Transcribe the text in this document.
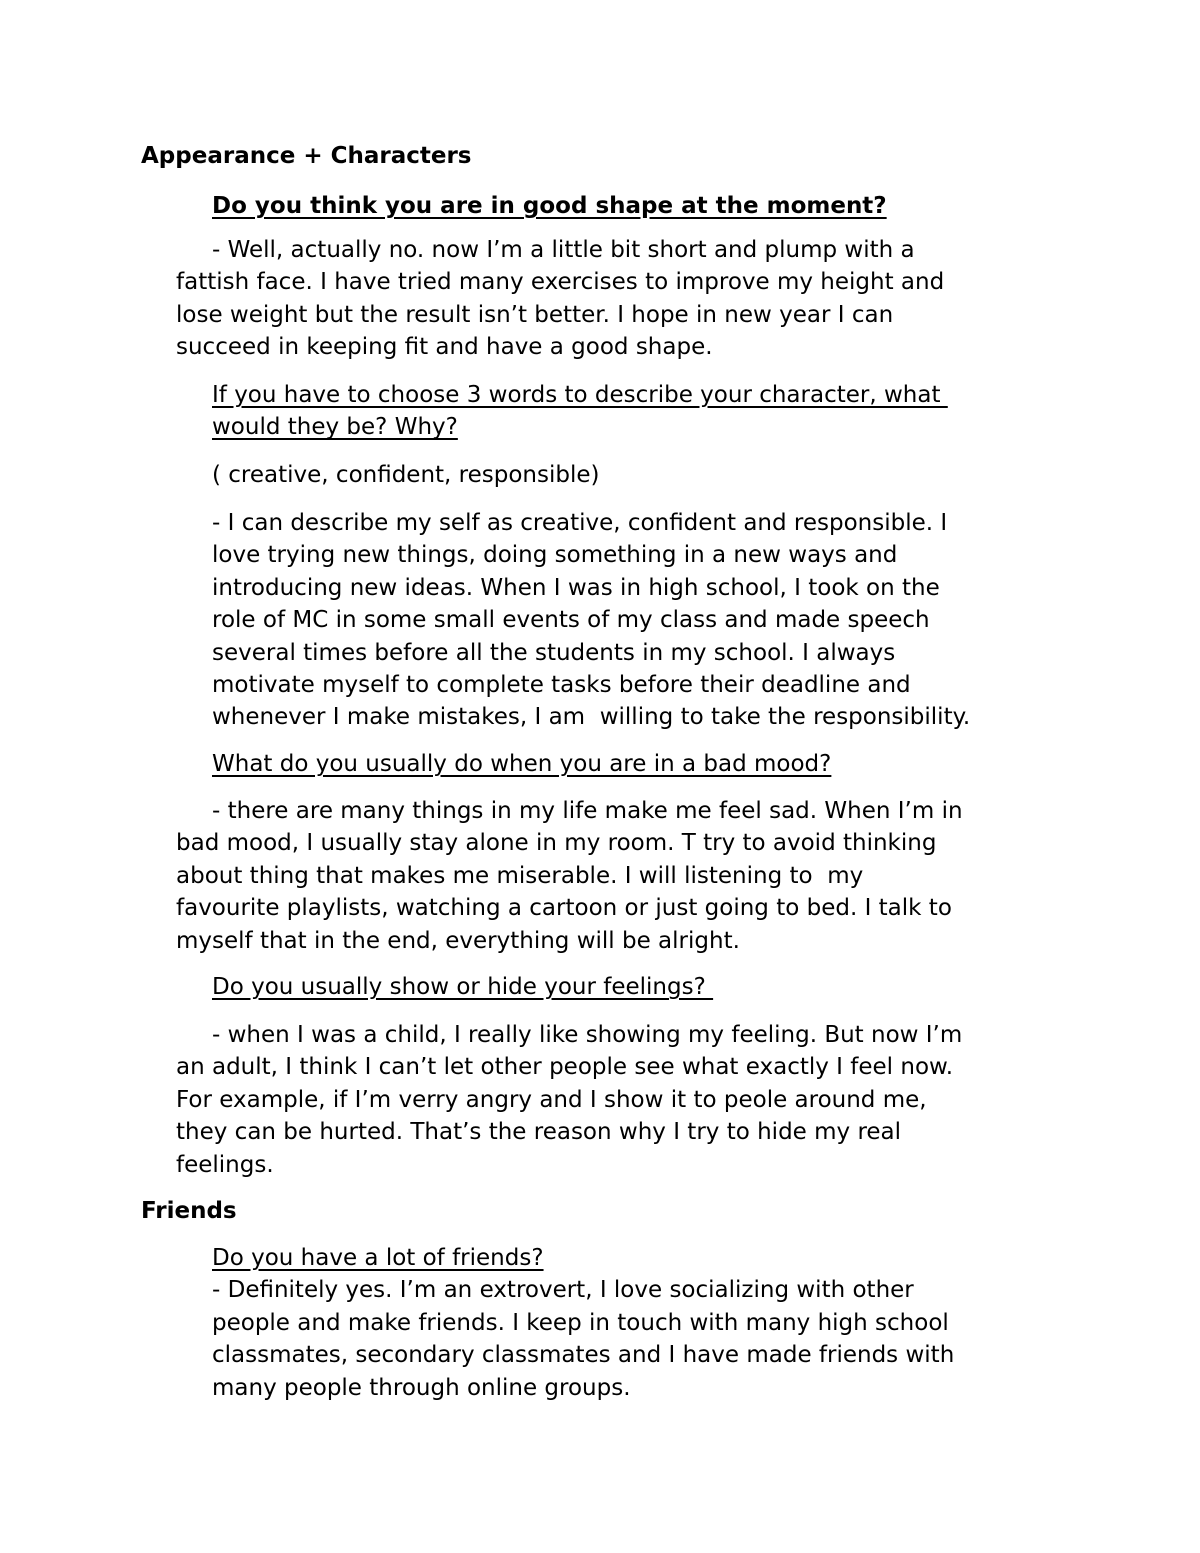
Appearance + Characters
Do you think you are in good shape at the moment?
- Well, actually no. now I’m a little bit short and plump with a
fattish face. I have tried many exercises to improve my height and
lose weight but the result isn’t better. I hope in new year I can
succeed in keeping fit and have a good shape.
If you have to choose 3 words to describe your character, what
would they be? Why?
( creative, confident, responsible)
- I can describe my self as creative, confident and responsible. I
love trying new things, doing something in a new ways and
introducing new ideas. When I was in high school, I took on the
role of MC in some small events of my class and made speech
several times before all the students in my school. I always
motivate myself to complete tasks before their deadline and
whenever I make mistakes, I am  willing to take the responsibility.
What do you usually do when you are in a bad mood?
- there are many things in my life make me feel sad. When I’m in
bad mood, I usually stay alone in my room. T try to avoid thinking
about thing that makes me miserable. I will listening to  my
favourite playlists, watching a cartoon or just going to bed. I talk to
myself that in the end, everything will be alright.
Do you usually show or hide your feelings?
- when I was a child, I really like showing my feeling. But now I’m
an adult, I think I can’t let other people see what exactly I feel now.
For example, if I’m verry angry and I show it to peole around me,
they can be hurted. That’s the reason why I try to hide my real
feelings.
Friends
Do you have a lot of friends?
- Definitely yes. I’m an extrovert, I love socializing with other
people and make friends. I keep in touch with many high school
classmates, secondary classmates and I have made friends with
many people through online groups.
